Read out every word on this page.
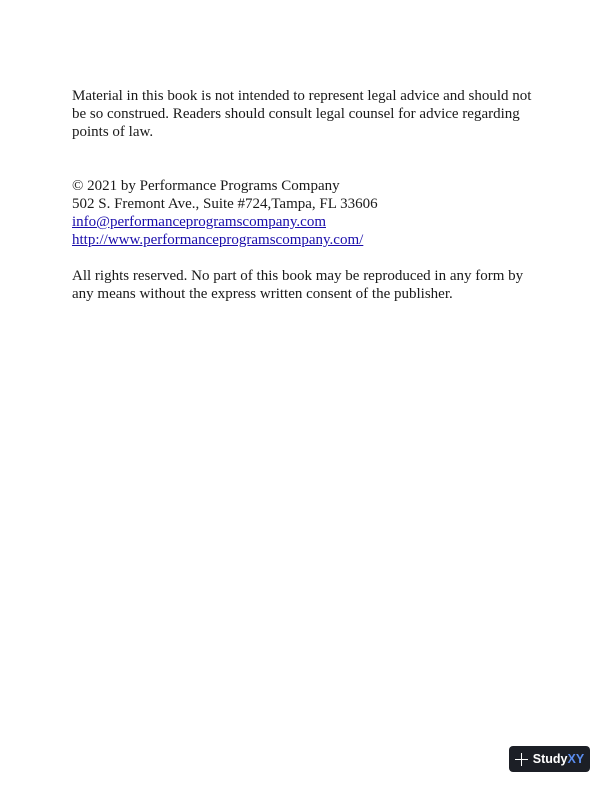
Material in this book is not intended to represent legal advice and should not be so construed. Readers should consult legal counsel for advice regarding points of law.

© 2021 by Performance Programs Company
502 S. Fremont Ave., Suite #724,Tampa, FL 33606
info@performanceprogramscompany.com
http://www.performanceprogramscompany.com/

All rights reserved. No part of this book may be reproduced in any form by any means without the express written consent of the publisher.

StudyXY
